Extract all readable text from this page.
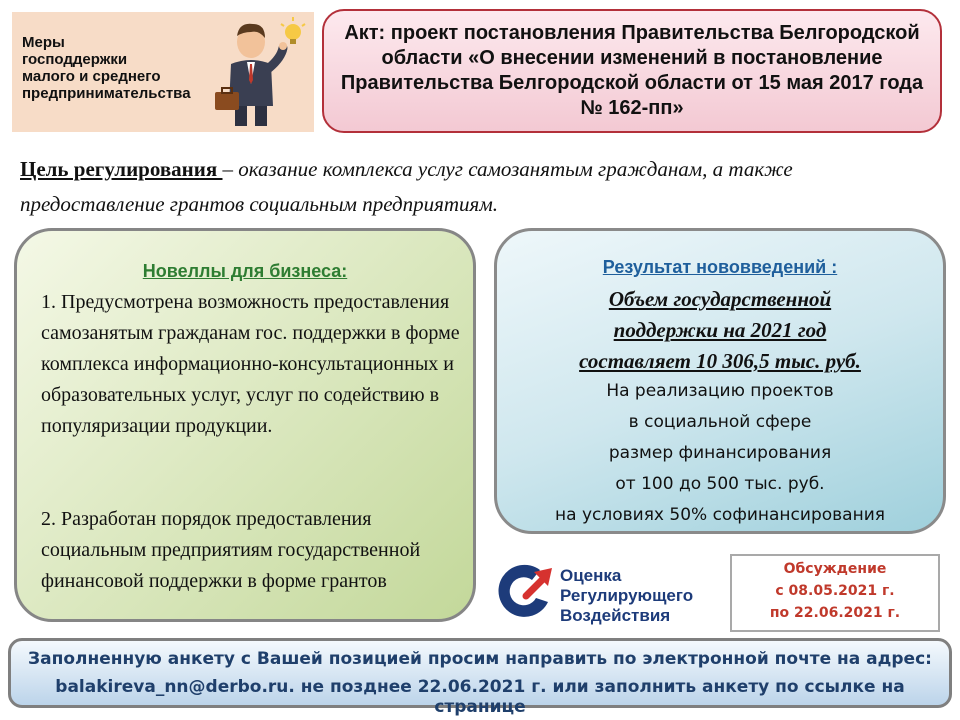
Меры
господдержки
малого и среднего
предпринимательства
Акт: проект постановления Правительства Белгородской области «О внесении изменений в постановление Правительства Белгородской области от 15 мая 2017 года № 162-пп»
Цель регулирования – оказание комплекса услуг самозанятым гражданам, а также предоставление грантов социальным предприятиям.
Новеллы для бизнеса:
1. Предусмотрена возможность предоставления самозанятым гражданам гос. поддержки в форме комплекса информационно-консультационных и образовательных услуг, услуг по содействию в популяризации продукции.
2. Разработан порядок предоставления социальным предприятиям государственной финансовой поддержки в форме грантов
Результат нововведений :
Объем государственной
поддержки на 2021 год
составляет 10 306,5 тыс. руб.
На реализацию проектов
в социальной сфере
размер финансирования
от 100 до 500 тыс. руб.
на условиях 50% софинансирования
Оценка
Регулирующего
Воздействия
Обсуждение
с 08.05.2021 г.
по 22.06.2021 г.
Заполненную анкету с Вашей позицией просим направить по электронной почте на адрес:
balakireva_nn@derbo.ru. не позднее 22.06.2021 г. или заполнить анкету по ссылке на странице
